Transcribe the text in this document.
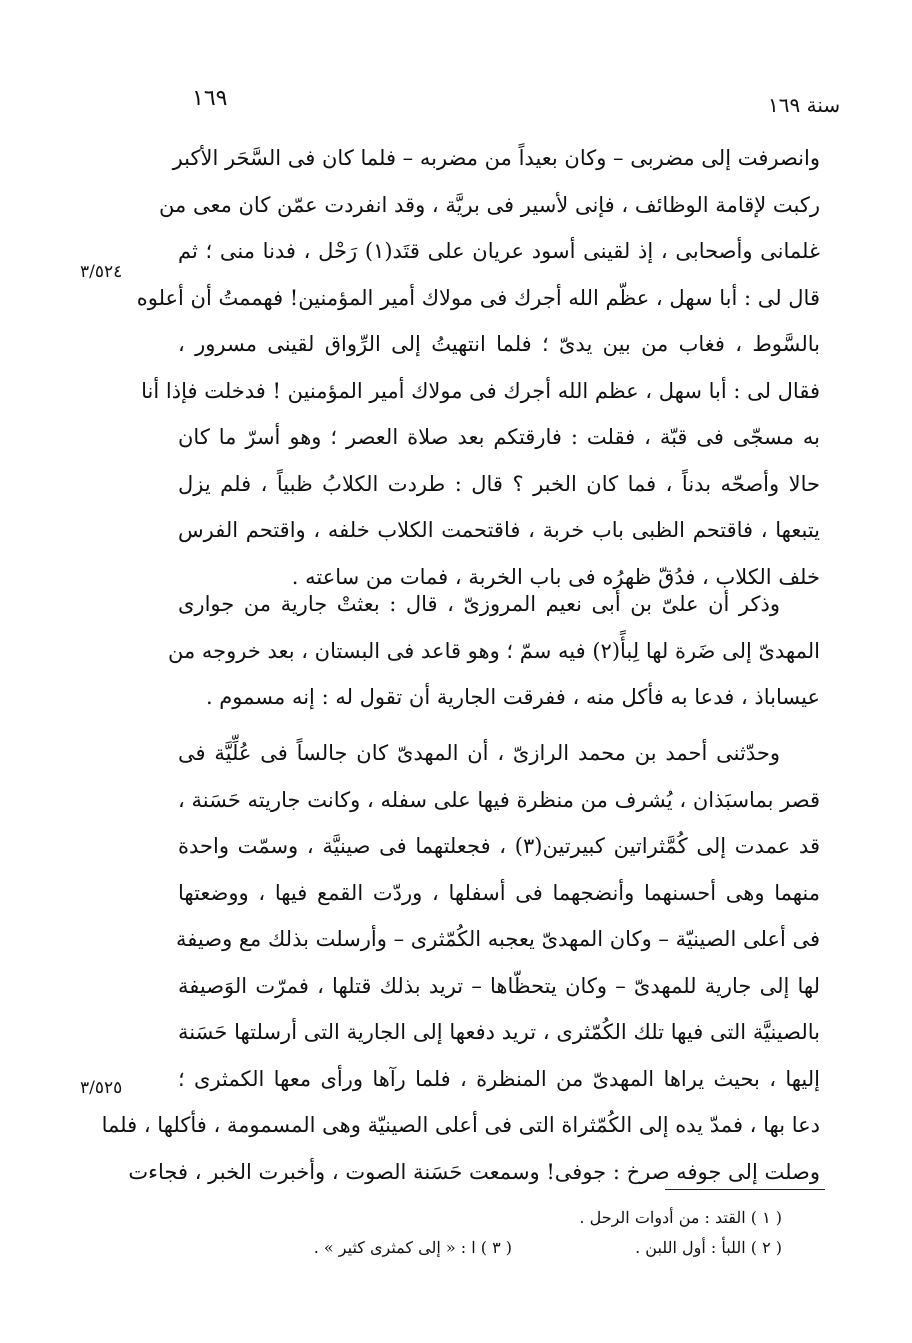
١٦٩	سنة ١٦٩
٣/٥٢٤
٣/٥٢٥
وانصرفت إلى مضربى – وكان بعيداً من مضربه – فلما كان فى السَّحَر الأكبر
ركبت لإقامة الوظائف ، فإنى لأسير فى بريَّة ، وقد انفردت عمّن كان معى من
غلمانى وأصحابى ، إذ لقينى أسود عريان على قتَد(١) رَحْل ، فدنا منى ؛ ثم
قال لى : أبا سهل ، عظّم الله أجرك فى مولاك أمير المؤمنين! فهممتُ أن أعلوه
بالسَّوط ، فغاب من بين يدىّ ؛ فلما انتهيتُ إلى الرِّواق لقينى مسرور ،
فقال لى : أبا سهل ، عظم الله أجرك فى مولاك أمير المؤمنين ! فدخلت فإذا أنا
به مسجّى فى قبّة ، فقلت : فارقتكم بعد صلاة العصر ؛ وهو أسرّ ما كان
حالا وأصحّه بدناً ، فما كان الخبر ؟ قال : طردت الكلابُ ظبياً ، فلم يزل
يتبعها ، فاقتحم الظبى باب خربة ، فاقتحمت الكلاب خلفه ، واقتحم الفرس
خلف الكلاب ، فدُقّ ظهرُه فى باب الخربة ، فمات من ساعته .
وذكر أن علىّ بن أبى نعيم المروزىّ ، قال : بعثتْ جارية من جوارى
المهدىّ إلى ضَرة لها لِبأً(٢) فيه سمّ ؛ وهو قاعد فى البستان ، بعد خروجه من
عيساباذ ، فدعا به فأكل منه ، ففرقت الجارية أن تقول له : إنه مسموم .
وحدّثنى أحمد بن محمد الرازىّ ، أن المهدىّ كان جالساً فى عُلِّيَّة فى
قصر بماسبَذان ، يُشرف من منظرة فيها على سفله ، وكانت جاريته حَسَنة ،
قد عمدت إلى كُمَّثراتين كبيرتين(٣) ، فجعلتهما فى صينيَّة ، وسمّت واحدة
منهما وهى أحسنهما وأنضجهما فى أسفلها ، وردّت القمع فيها ، ووضعتها
فى أعلى الصينيّة – وكان المهدىّ يعجبه الكُمّثرى – وأرسلت بذلك مع وصيفة
لها إلى جارية للمهدىّ – وكان يتحظّاها – تريد بذلك قتلها ، فمرّت الوَصيفة
بالصينيَّة التى فيها تلك الكُمّثرى ، تريد دفعها إلى الجارية التى أرسلتها حَسَنة
إليها ، بحيث يراها المهدىّ من المنظرة ، فلما رآها ورأى معها الكمثرى ؛
دعا بها ، فمدّ يده إلى الكُمّثراة التى فى أعلى الصينيّة وهى المسمومة ، فأكلها ، فلما
وصلت إلى جوفه صرخ : جوفى! وسمعت حَسَنة الصوت ، وأخبرت الخبر ، فجاءت
( ١ ) القتد : من أدوات الرحل .
( ٢ ) اللبأ : أول اللبن .
( ٣ ) ا : « إلى كمثرى كثير » .
